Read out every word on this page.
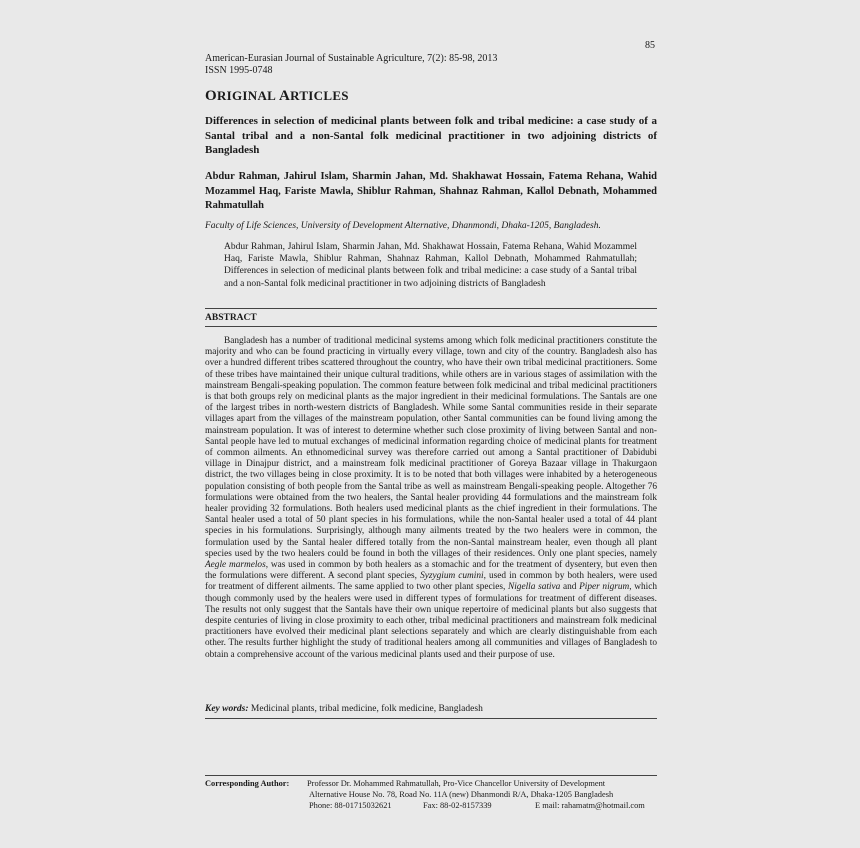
85
American-Eurasian Journal of Sustainable Agriculture, 7(2): 85-98, 2013
ISSN 1995-0748
ORIGINAL ARTICLES
Differences in selection of medicinal plants between folk and tribal medicine: a case study of a Santal tribal and a non-Santal folk medicinal practitioner in two adjoining districts of Bangladesh
Abdur Rahman, Jahirul Islam, Sharmin Jahan, Md. Shakhawat Hossain, Fatema Rehana, Wahid Mozammel Haq, Fariste Mawla, Shiblur Rahman, Shahnaz Rahman, Kallol Debnath, Mohammed Rahmatullah
Faculty of Life Sciences, University of Development Alternative, Dhanmondi, Dhaka-1205, Bangladesh.
Abdur Rahman, Jahirul Islam, Sharmin Jahan, Md. Shakhawat Hossain, Fatema Rehana, Wahid Mozammel Haq, Fariste Mawla, Shiblur Rahman, Shahnaz Rahman, Kallol Debnath, Mohammed Rahmatullah; Differences in selection of medicinal plants between folk and tribal medicine: a case study of a Santal tribal and a non-Santal folk medicinal practitioner in two adjoining districts of Bangladesh
ABSTRACT
Bangladesh has a number of traditional medicinal systems among which folk medicinal practitioners constitute the majority and who can be found practicing in virtually every village, town and city of the country. Bangladesh also has over a hundred different tribes scattered throughout the country, who have their own tribal medicinal practitioners. Some of these tribes have maintained their unique cultural traditions, while others are in various stages of assimilation with the mainstream Bengali-speaking population. The common feature between folk medicinal and tribal medicinal practitioners is that both groups rely on medicinal plants as the major ingredient in their medicinal formulations. The Santals are one of the largest tribes in north-western districts of Bangladesh. While some Santal communities reside in their separate villages apart from the villages of the mainstream population, other Santal communities can be found living among the mainstream population. It was of interest to determine whether such close proximity of living between Santal and non-Santal people have led to mutual exchanges of medicinal information regarding choice of medicinal plants for treatment of common ailments. An ethnomedicinal survey was therefore carried out among a Santal practitioner of Dabidubi village in Dinajpur district, and a mainstream folk medicinal practitioner of Goreya Bazaar village in Thakurgaon district, the two villages being in close proximity. It is to be noted that both villages were inhabited by a heterogeneous population consisting of both people from the Santal tribe as well as mainstream Bengali-speaking people. Altogether 76 formulations were obtained from the two healers, the Santal healer providing 44 formulations and the mainstream folk healer providing 32 formulations. Both healers used medicinal plants as the chief ingredient in their formulations. The Santal healer used a total of 50 plant species in his formulations, while the non-Santal healer used a total of 44 plant species in his formulations. Surprisingly, although many ailments treated by the two healers were in common, the formulation used by the Santal healer differed totally from the non-Santal mainstream healer, even though all plant species used by the two healers could be found in both the villages of their residences. Only one plant species, namely Aegle marmelos, was used in common by both healers as a stomachic and for the treatment of dysentery, but even then the formulations were different. A second plant species, Syzygium cumini, used in common by both healers, were used for treatment of different ailments. The same applied to two other plant species, Nigella sativa and Piper nigrum, which though commonly used by the healers were used in different types of formulations for treatment of different diseases. The results not only suggest that the Santals have their own unique repertoire of medicinal plants but also suggests that despite centuries of living in close proximity to each other, tribal medicinal practitioners and mainstream folk medicinal practitioners have evolved their medicinal plant selections separately and which are clearly distinguishable from each other. The results further highlight the study of traditional healers among all communities and villages of Bangladesh to obtain a comprehensive account of the various medicinal plants used and their purpose of use.
Key words: Medicinal plants, tribal medicine, folk medicine, Bangladesh
Corresponding Author:	Professor Dr. Mohammed Rahmatullah, Pro-Vice Chancellor University of Development
Alternative House No. 78, Road No. 11A (new) Dhanmondi R/A, Dhaka-1205 Bangladesh
Phone: 88-01715032621	Fax: 88-02-8157339	E mail: rahamatm@hotmail.com
